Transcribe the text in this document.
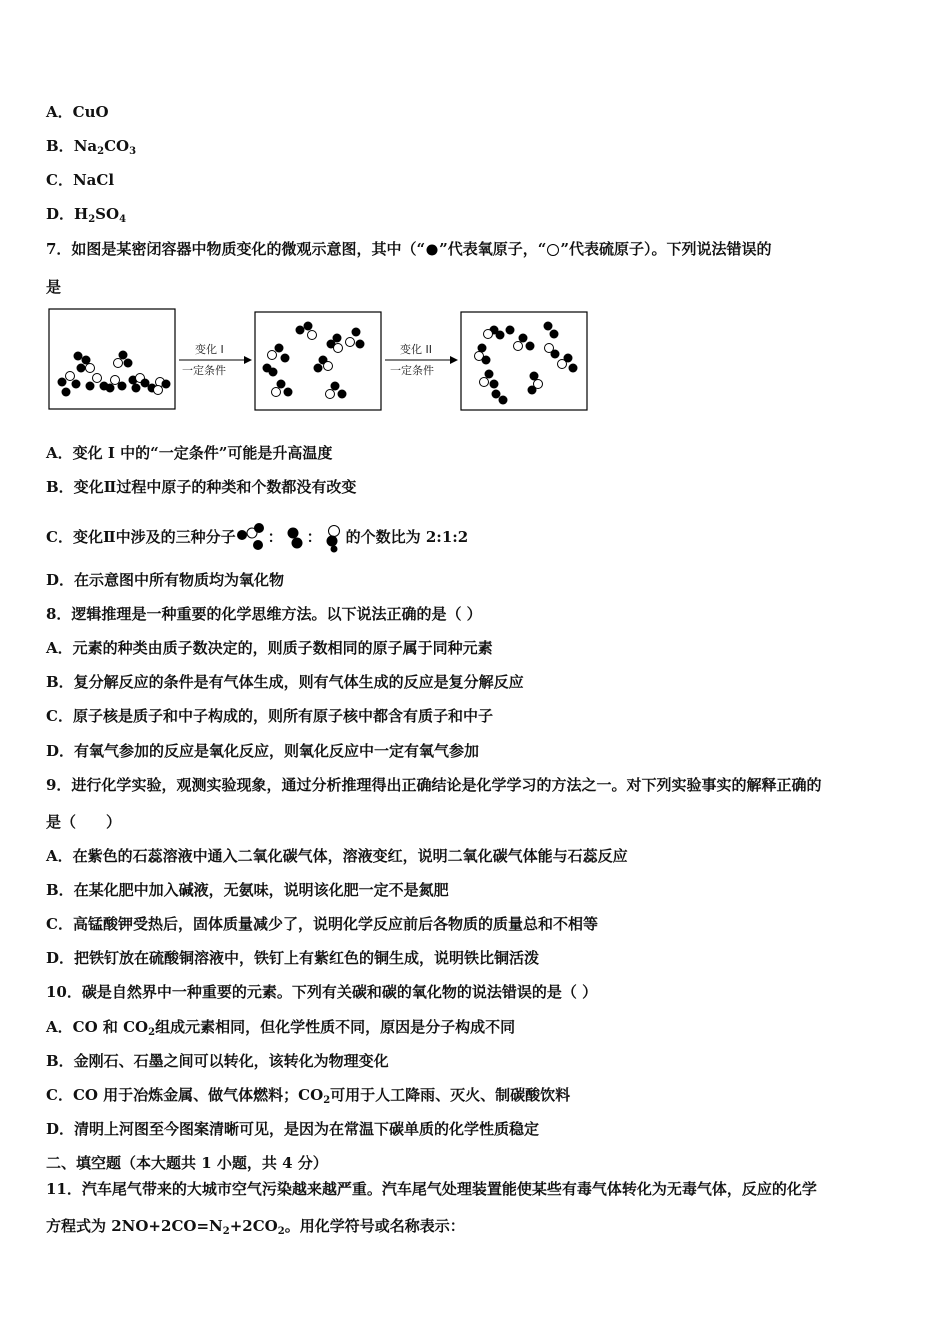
A．CuO
B．$Na_2CO_3$
C．NaCl
D．$H_2SO_4$
7．如图是某密闭容器中物质变化的微观示意图，其中（“ ”代表氧原子，“ ”代表硫原子）。下列说法错误的
是
变化 I
一定条件
变化 II
一定条件
A．变化 I 中的“一定条件”可能是升高温度
B．变化Ⅱ过程中原子的种类和个数都没有改变
C．变化Ⅱ中涉及的三种分子 ： ： 的个数比为 2:1:2
D．在示意图中所有物质均为氧化物
8．逻辑推理是一种重要的化学思维方法。以下说法正确的是（ ）
A．元素的种类由质子数决定的，则质子数相同的原子属于同种元素
B．复分解反应的条件是有气体生成，则有气体生成的反应是复分解反应
C．原子核是质子和中子构成的，则所有原子核中都含有质子和中子
D．有氧气参加的反应是氧化反应，则氧化反应中一定有氧气参加
9．进行化学实验，观测实验现象，通过分析推理得出正确结论是化学学习的方法之一。对下列实验事实的解释正确的
是（　　）
A．在紫色的石蕊溶液中通入二氧化碳气体，溶液变红，说明二氧化碳气体能与石蕊反应
B．在某化肥中加入碱液，无氨味，说明该化肥一定不是氮肥
C．高锰酸钾受热后，固体质量减少了，说明化学反应前后各物质的质量总和不相等
D．把铁钉放在硫酸铜溶液中，铁钉上有紫红色的铜生成，说明铁比铜活泼
10．碳是自然界中一种重要的元素。下列有关碳和碳的氧化物的说法错误的是（ ）
A．CO 和 $CO_2$组成元素相同，但化学性质不同，原因是分子构成不同
B．金刚石、石墨之间可以转化，该转化为物理变化
C．CO 用于冶炼金属、做气体燃料；$CO_2$可用于人工降雨、灭火、制碳酸饮料
D．清明上河图至今图案清晰可见，是因为在常温下碳单质的化学性质稳定
二、填空题（本大题共 1 小题，共 4 分）
11．汽车尾气带来的大城市空气污染越来越严重。汽车尾气处理装置能使某些有毒气体转化为无毒气体，反应的化学
方程式为 $2NO+2CO=N_2+2CO_2$。用化学符号或名称表示：
